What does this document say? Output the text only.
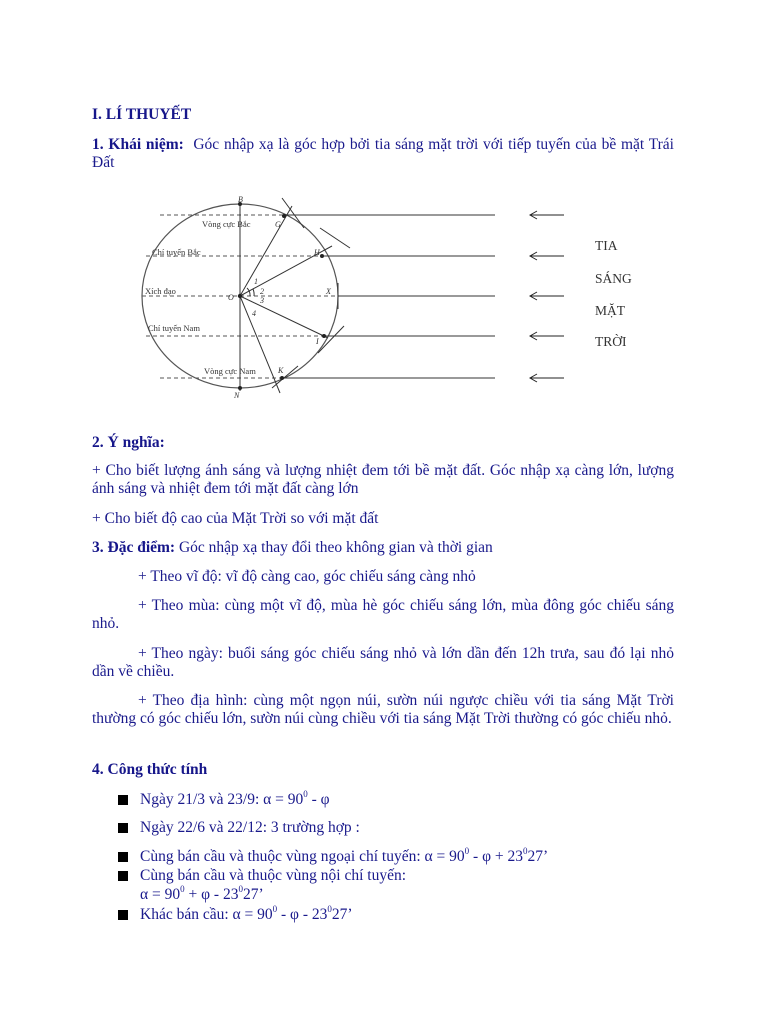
I. LÍ THUYẾT
1. Khái niệm: Góc nhập xạ là góc hợp bởi tia sáng mặt trời với tiếp tuyến của bề mặt Trái Đất
Vòng cực Bắc
Chí tuyến Bắc
Xích đạo
Chí tuyến Nam
Vòng cực Nam
B
N
O
G
H
X
I
K
1
2
3
4
TIA
SÁNG
MẶT
TRỜI
2. Ý nghĩa:
+ Cho biết lượng ánh sáng và lượng nhiệt đem tới bề mặt đất. Góc nhập xạ càng lớn, lượng ánh sáng và nhiệt đem tới mặt đất càng lớn
+ Cho biết độ cao của Mặt Trời so với mặt đất
3. Đặc điểm: Góc nhập xạ thay đổi theo không gian và thời gian
+ Theo vĩ độ: vĩ độ càng cao, góc chiếu sáng càng nhỏ
+ Theo mùa: cùng một vĩ độ, mùa hè góc chiếu sáng lớn, mùa đông góc chiếu sáng nhỏ.
+ Theo ngày: buổi sáng góc chiếu sáng nhỏ và lớn dần đến 12h trưa, sau đó lại nhỏ dần về chiều.
+ Theo địa hình: cùng một ngọn núi, sườn núi ngược chiều với tia sáng Mặt Trời thường có góc chiếu lớn, sườn núi cùng chiều với tia sáng Mặt Trời thường có góc chiếu nhỏ.
4. Công thức tính
Ngày 21/3 và 23/9: $\alpha = 90^0 - \varphi$
Ngày 22/6 và 22/12: 3 trường hợp :
Cùng bán cầu và thuộc vùng ngoại chí tuyến: $\alpha = 90^0 - \varphi + 23^027$’
Cùng bán cầu và thuộc vùng nội chí tuyến:
$\alpha = 90^0 + \varphi - 23^027$’
Khác bán cầu: $\alpha = 90^0 - \varphi - 23^027$’
